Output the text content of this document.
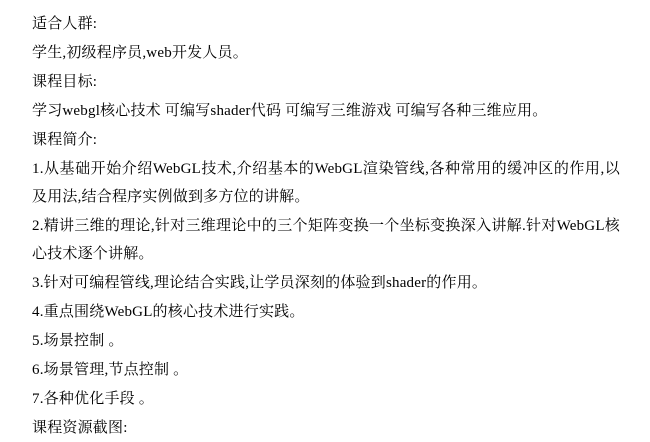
适合人群:

学生,初级程序员,web开发人员。

课程目标:

学习webgl核心技术 可编写shader代码 可编写三维游戏 可编写各种三维应用。

课程简介:

1.从基础开始介绍WebGL技术,介绍基本的WebGL渲染管线,各种常用的缓冲区的作用,以及用法,结合程序实例做到多方位的讲解。

2.精讲三维的理论,针对三维理论中的三个矩阵变换一个坐标变换深入讲解.针对WebGL核心技术逐个讲解。

3.针对可编程管线,理论结合实践,让学员深刻的体验到shader的作用。

4.重点围绕WebGL的核心技术进行实践。

5.场景控制 。

6.场景管理,节点控制 。

7.各种优化手段 。

课程资源截图:
